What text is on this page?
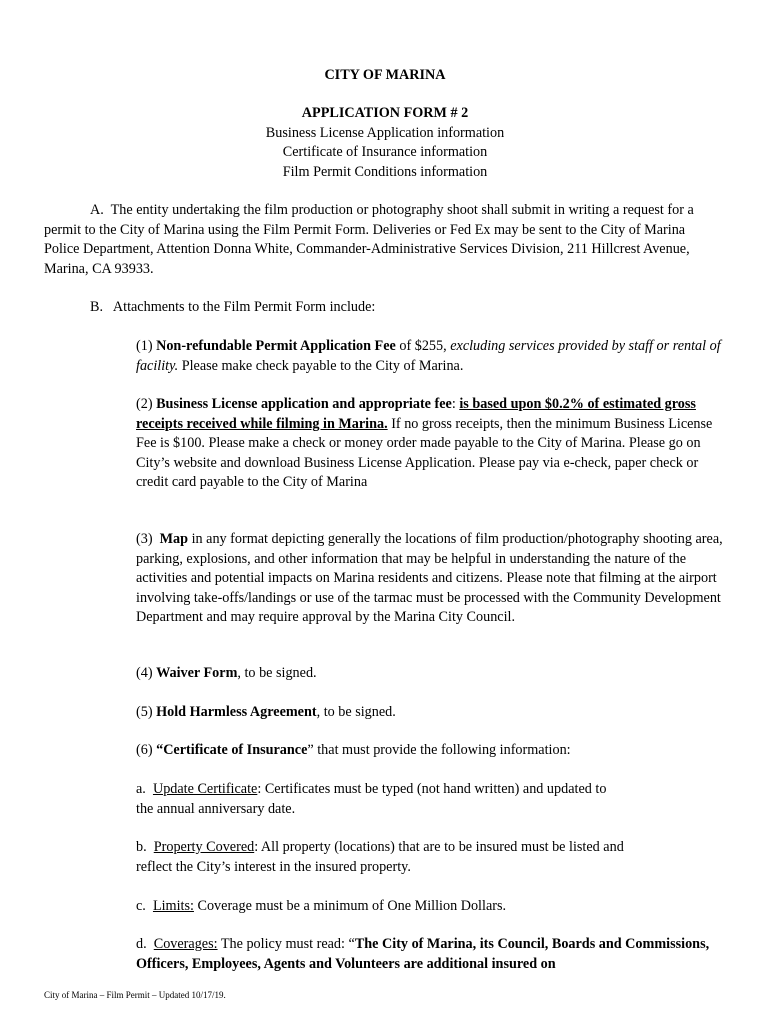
CITY OF MARINA
APPLICATION FORM # 2
Business License Application information
Certificate of Insurance information
Film Permit Conditions information
A. The entity undertaking the film production or photography shoot shall submit in writing a request for a permit to the City of Marina using the Film Permit Form. Deliveries or Fed Ex may be sent to the City of Marina Police Department, Attention Donna White, Commander-Administrative Services Division, 211 Hillcrest Avenue, Marina, CA 93933.
B. Attachments to the Film Permit Form include:
(1) Non-refundable Permit Application Fee of $255, excluding services provided by staff or rental of facility. Please make check payable to the City of Marina.
(2) Business License application and appropriate fee: is based upon $0.2% of estimated gross receipts received while filming in Marina. If no gross receipts, then the minimum Business License Fee is $100. Please make a check or money order made payable to the City of Marina. Please go on City’s website and download Business License Application. Please pay via e-check, paper check or credit card payable to the City of Marina
(3) Map in any format depicting generally the locations of film production/photography shooting area, parking, explosions, and other information that may be helpful in understanding the nature of the activities and potential impacts on Marina residents and citizens. Please note that filming at the airport involving take-offs/landings or use of the tarmac must be processed with the Community Development Department and may require approval by the Marina City Council.
(4) Waiver Form, to be signed.
(5) Hold Harmless Agreement, to be signed.
(6) “Certificate of Insurance” that must provide the following information:
a. Update Certificate: Certificates must be typed (not hand written) and updated to the annual anniversary date.
b. Property Covered: All property (locations) that are to be insured must be listed and reflect the City’s interest in the insured property.
c. Limits: Coverage must be a minimum of One Million Dollars.
d. Coverages: The policy must read: “The City of Marina, its Council, Boards and Commissions, Officers, Employees, Agents and Volunteers are additional insured on
City of Marina – Film Permit – Updated 10/17/19.
